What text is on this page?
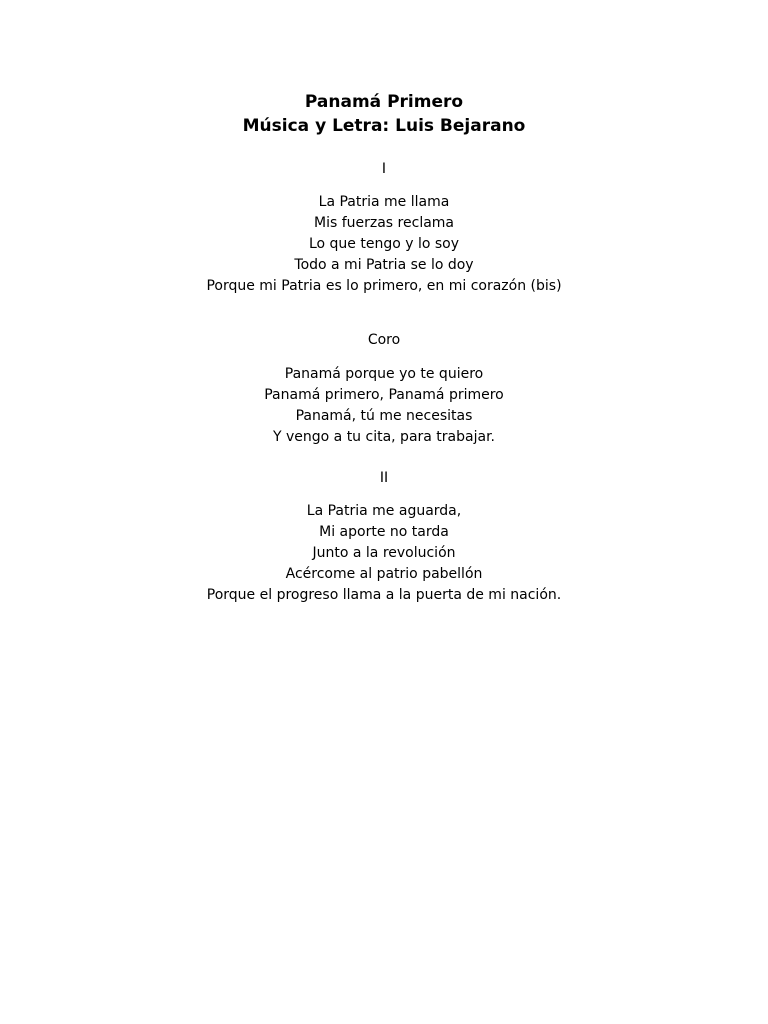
Panamá Primero
Música y Letra: Luis Bejarano
I
La Patria me llama
Mis fuerzas reclama
Lo que tengo y lo soy
Todo a mi Patria se lo doy
Porque mi Patria es lo primero, en mi corazón (bis)
Coro
Panamá porque yo te quiero
Panamá primero, Panamá primero
Panamá, tú me necesitas
Y vengo a tu cita, para trabajar.
II
La Patria me aguarda,
Mi aporte no tarda
Junto a la revolución
Acércome al patrio pabellón
Porque el progreso llama a la puerta de mi nación.
